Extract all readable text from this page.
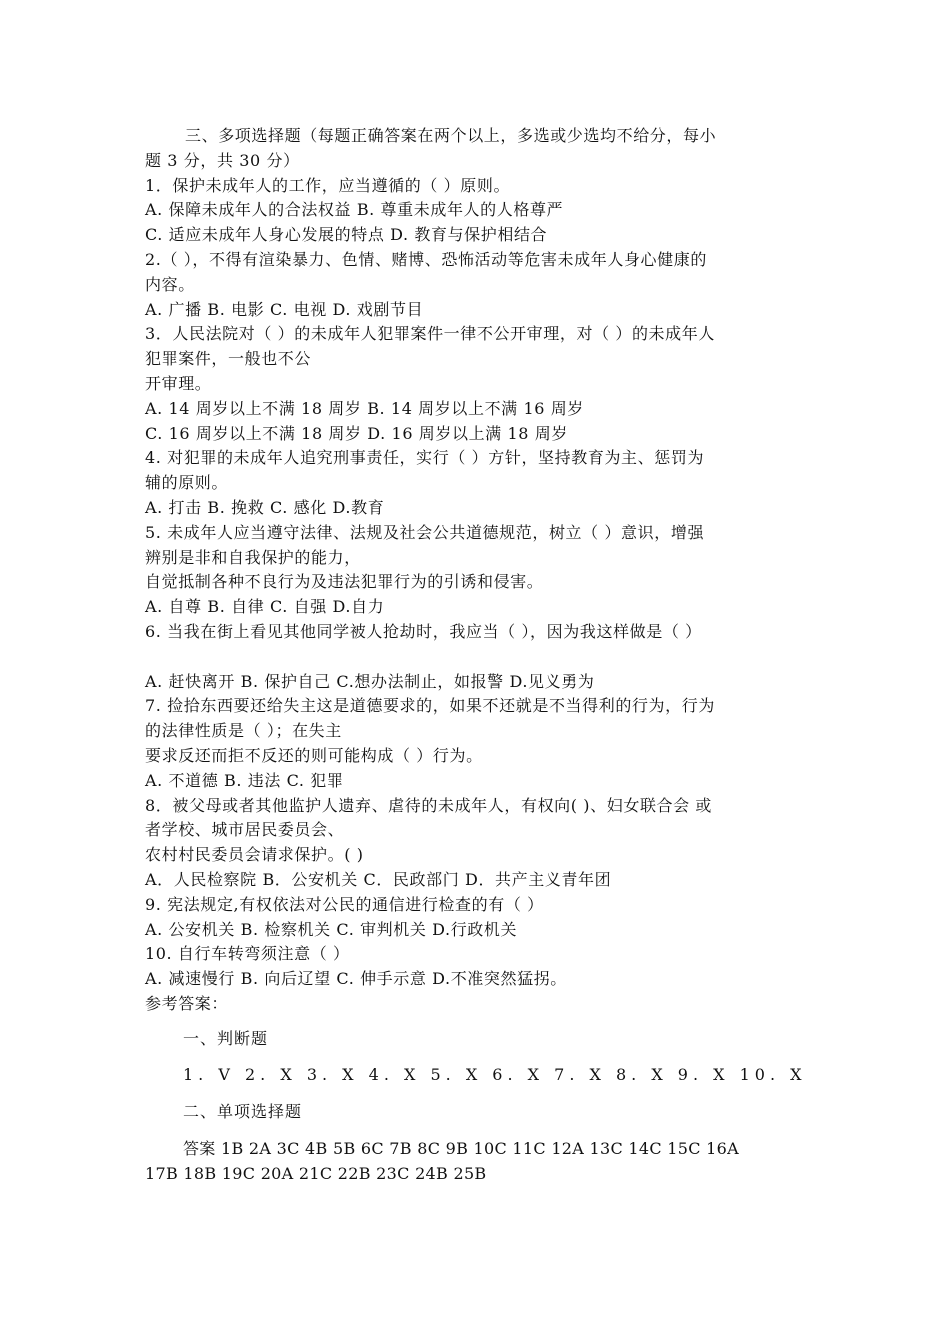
三、多项选择题（每题正确答案在两个以上，多选或少选均不给分，每小
题 3 分，共 30 分）
1．保护未成年人的工作，应当遵循的（ ）原则。
A. 保障未成年人的合法权益 B. 尊重未成年人的人格尊严
C. 适应未成年人身心发展的特点 D. 教育与保护相结合
2.（ ），不得有渲染暴力、色情、赌博、恐怖活动等危害未成年人身心健康的
内容。
A. 广播 B. 电影 C. 电视 D. 戏剧节目
3．人民法院对（ ）的未成年人犯罪案件一律不公开审理，对（ ）的未成年人
犯罪案件，一般也不公
开审理。
A. 14 周岁以上不满 18 周岁 B. 14 周岁以上不满 16 周岁
C. 16 周岁以上不满 18 周岁 D. 16 周岁以上满 18 周岁
4. 对犯罪的未成年人追究刑事责任，实行（ ）方针，坚持教育为主、惩罚为
辅的原则。
A. 打击 B. 挽救 C. 感化 D.教育
5. 未成年人应当遵守法律、法规及社会公共道德规范，树立（ ）意识，增强
辨别是非和自我保护的能力，
自觉抵制各种不良行为及违法犯罪行为的引诱和侵害。
A. 自尊 B. 自律 C. 自强 D.自力
6. 当我在街上看见其他同学被人抢劫时，我应当（ ），因为我这样做是（ ）
A. 赶快离开 B. 保护自己 C.想办法制止，如报警 D.见义勇为
7. 捡拾东西要还给失主这是道德要求的，如果不还就是不当得利的行为，行为
的法律性质是（ ）；在失主
要求反还而拒不反还的则可能构成（ ）行为。
A. 不道德 B. 违法 C. 犯罪
8．被父母或者其他监护人遗弃、虐待的未成年人，有权向( )、妇女联合会 或
者学校、城市居民委员会、
农村村民委员会请求保护。( )
A．人民检察院 B．公安机关 C．民政部门 D．共产主义青年团
9. 宪法规定,有权依法对公民的通信进行检查的有（ ）
A. 公安机关 B. 检察机关 C. 审判机关 D.行政机关
10. 自行车转弯须注意（ ）
A. 减速慢行 B. 向后辽望 C. 伸手示意 D.不准突然猛拐。
参考答案：
一、判断题
1. V 2. X 3. X 4. X 5. X 6. X 7. X 8. X 9. X 10. X
二、单项选择题
答案 1B 2A 3C 4B 5B 6C 7B 8C 9B 10C 11C 12A 13C 14C 15C 16A
17B 18B 19C 20A 21C 22B 23C 24B 25B
